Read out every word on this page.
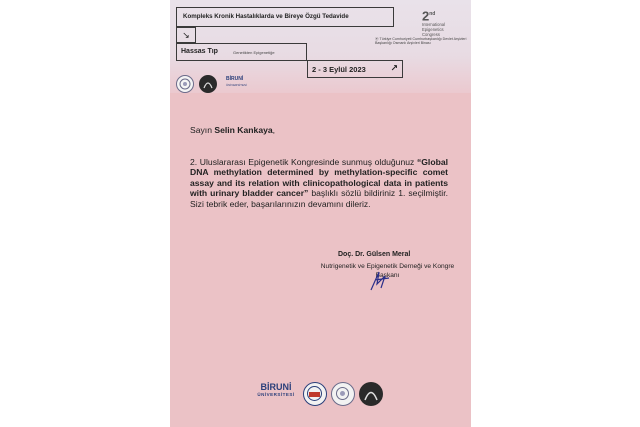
Kompleks Kronik Hastalıklarda ve Bireye Özgü Tedavide
↘
Hassas Tıp	Genetikten Epigenetiğe
2 - 3 Eylül 2023	↗
2nd
International
Epigenetics
Congress
⦿ Türkiye Cumhuriyeti Cumhurbaşkanlığı Devlet Arşivleri Başkanlığı Osmanlı Arşivleri Binası
BİRUNİ
ÜNİVERSİTESİ
Sayın Selin Kankaya,
2. Uluslararası Epigenetik Kongresinde sunmuş olduğunuz “Global DNA methylation determined by methylation-specific comet assay and its relation with clinicopathological data in patients with urinary bladder cancer” başlıklı sözlü bildiriniz 1. seçilmiştir. Sizi tebrik eder, başarılarınızın devamını dileriz.
Doç. Dr. Gülsen Meral
Nutrigenetik ve Epigenetik Derneği ve Kongre Başkanı
BİRUNİ
ÜNİVERSİTESİ
